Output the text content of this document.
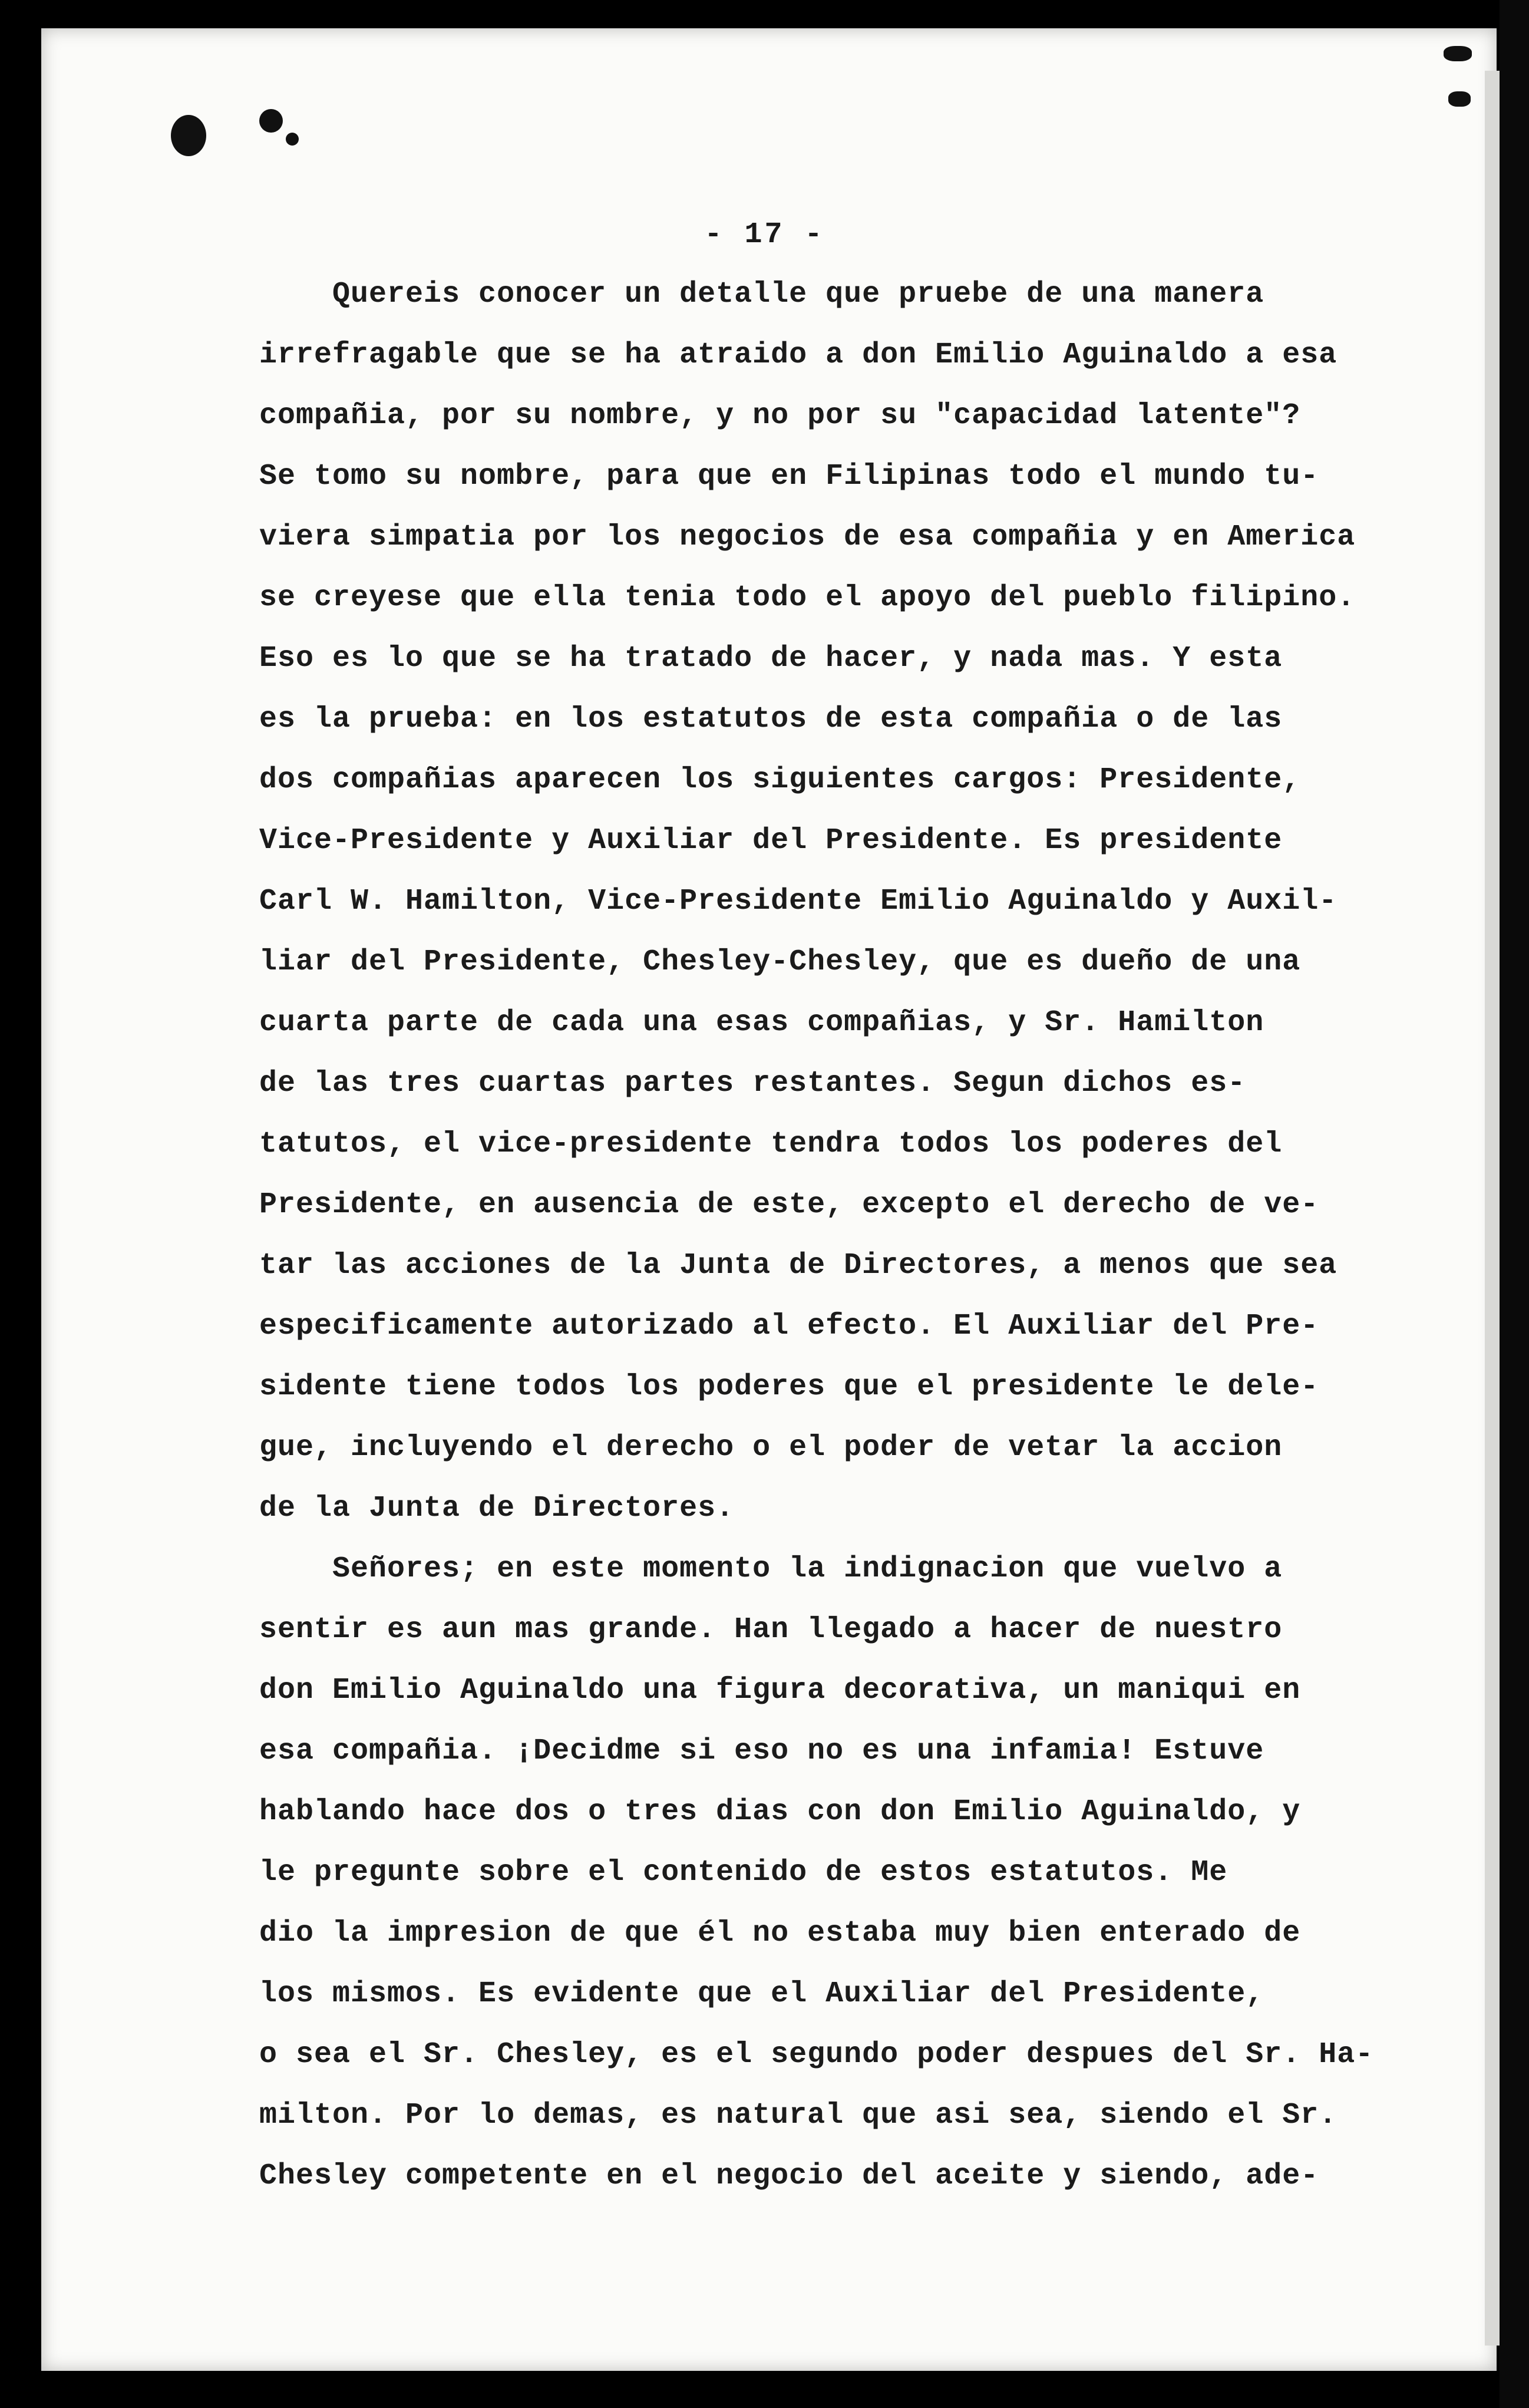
- 17 -
Quereis conocer un detalle que pruebe de una manera
irrefragable que se ha atraido a don Emilio Aguinaldo a esa
compañia, por su nombre, y no por su "capacidad latente"?
Se tomo su nombre, para que en Filipinas todo el mundo tu-
viera simpatia por los negocios de esa compañia y en America
se creyese que ella tenia todo el apoyo del pueblo filipino.
Eso es lo que se ha tratado de hacer, y nada mas. Y esta
es la prueba: en los estatutos de esta compañia o de las
dos compañias aparecen los siguientes cargos: Presidente,
Vice-Presidente y Auxiliar del Presidente. Es presidente
Carl W. Hamilton, Vice-Presidente Emilio Aguinaldo y Auxil-
liar del Presidente, Chesley-Chesley, que es dueño de una
cuarta parte de cada una esas compañias, y Sr. Hamilton
de las tres cuartas partes restantes. Segun dichos es-
tatutos, el vice-presidente tendra todos los poderes del
Presidente, en ausencia de este, excepto el derecho de ve-
tar las acciones de la Junta de Directores, a menos que sea
especificamente autorizado al efecto. El Auxiliar del Pre-
sidente tiene todos los poderes que el presidente le dele-
gue, incluyendo el derecho o el poder de vetar la accion
de la Junta de Directores.
Señores; en este momento la indignacion que vuelvo a
sentir es aun mas grande. Han llegado a hacer de nuestro
don Emilio Aguinaldo una figura decorativa, un maniqui en
esa compañia. ¡Decidme si eso no es una infamia! Estuve
hablando hace dos o tres dias con don Emilio Aguinaldo, y
le pregunte sobre el contenido de estos estatutos. Me
dio la impresion de que él no estaba muy bien enterado de
los mismos. Es evidente que el Auxiliar del Presidente,
o sea el Sr. Chesley, es el segundo poder despues del Sr. Ha-
milton. Por lo demas, es natural que asi sea, siendo el Sr.
Chesley competente en el negocio del aceite y siendo, ade-
